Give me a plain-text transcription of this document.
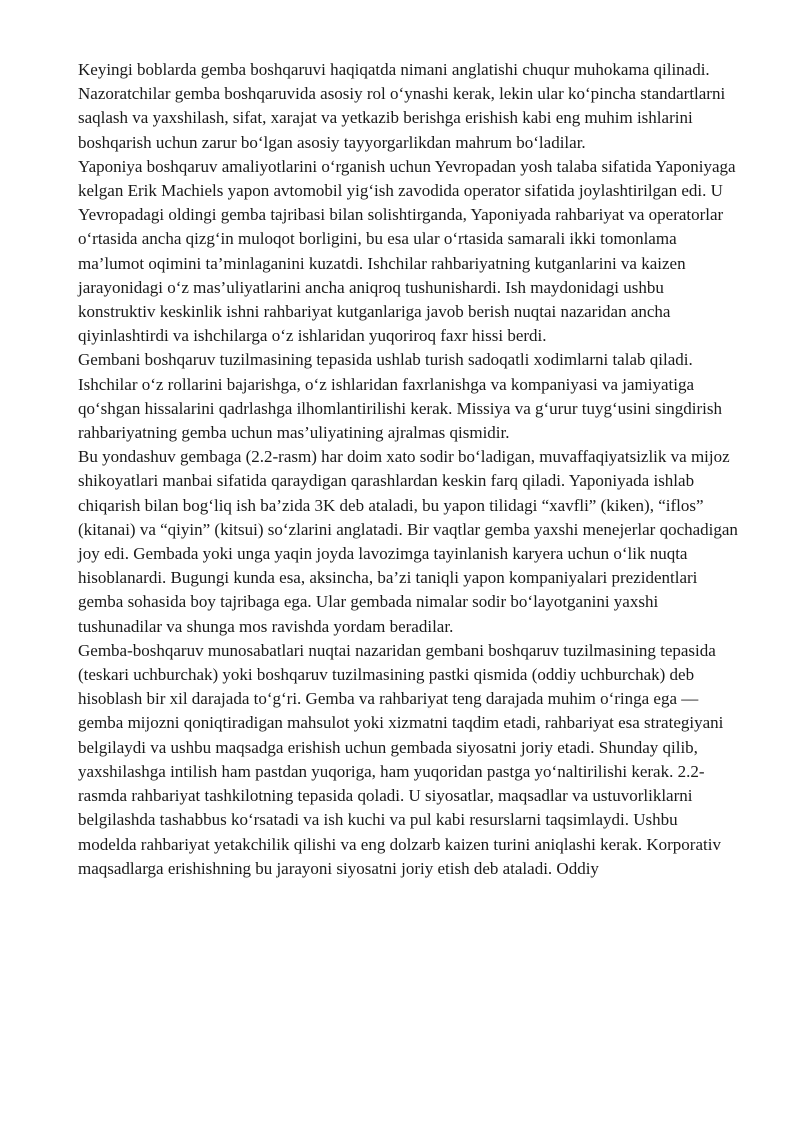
Keyingi boblarda gemba boshqaruvi haqiqatda nimani anglatishi chuqur muhokama qilinadi. Nazoratchilar gemba boshqaruvida asosiy rol o‘ynashi kerak, lekin ular ko‘pincha standartlarni saqlash va yaxshilash, sifat, xarajat va yetkazib berishga erishish kabi eng muhim ishlarini boshqarish uchun zarur bo‘lgan asosiy tayyorgarlikdan mahrum bo‘ladilar.

Yaponiya boshqaruv amaliyotlarini o‘rganish uchun Yevropadan yosh talaba sifatida Yaponiyaga kelgan Erik Machiels yapon avtomobil yig‘ish zavodida operator sifatida joylashtirilgan edi. U Yevropadagi oldingi gemba tajribasi bilan solishtirganda, Yaponiyada rahbariyat va operatorlar o‘rtasida ancha qizg‘in muloqot borligini, bu esa ular o‘rtasida samarali ikki tomonlama ma’lumot oqimini ta’minlaganini kuzatdi. Ishchilar rahbariyatning kutganlarini va kaizen jarayonidagi o‘z mas’uliyatlarini ancha aniqroq tushunishardi. Ish maydonidagi ushbu konstruktiv keskinlik ishni rahbariyat kutganlariga javob berish nuqtai nazaridan ancha qiyinlashtirdi va ishchilarga o‘z ishlaridan yuqoriroq faxr hissi berdi.

Gembani boshqaruv tuzilmasining tepasida ushlab turish sadoqatli xodimlarni talab qiladi. Ishchilar o‘z rollarini bajarishga, o‘z ishlaridan faxrlanishga va kompaniyasi va jamiyatiga qo‘shgan hissalarini qadrlashga ilhomlantirilishi kerak. Missiya va g‘urur tuyg‘usini singdirish rahbariyatning gemba uchun mas’uliyatining ajralmas qismidir.

Bu yondashuv gembaga (2.2-rasm) har doim xato sodir bo‘ladigan, muvaffaqiyatsizlik va mijoz shikoyatlari manbai sifatida qaraydigan qarashlardan keskin farq qiladi. Yaponiyada ishlab chiqarish bilan bog‘liq ish ba’zida 3K deb ataladi, bu yapon tilidagi “xavfli” (kiken), “iflos” (kitanai) va “qiyin” (kitsui) so‘zlarini anglatadi. Bir vaqtlar gemba yaxshi menejerlar qochadigan joy edi. Gembada yoki unga yaqin joyda lavozimga tayinlanish karyera uchun o‘lik nuqta hisoblanardi. Bugungi kunda esa, aksincha, ba’zi taniqli yapon kompaniyalari prezidentlari gemba sohasida boy tajribaga ega. Ular gembada nimalar sodir bo‘layotganini yaxshi tushunadilar va shunga mos ravishda yordam beradilar.

Gemba-boshqaruv munosabatlari nuqtai nazaridan gembani boshqaruv tuzilmasining tepasida (teskari uchburchak) yoki boshqaruv tuzilmasining pastki qismida (oddiy uchburchak) deb hisoblash bir xil darajada to‘g‘ri. Gemba va rahbariyat teng darajada muhim o‘ringa ega — gemba mijozni qoniqtiradigan mahsulot yoki xizmatni taqdim etadi, rahbariyat esa strategiyani belgilaydi va ushbu maqsadga erishish uchun gembada siyosatni joriy etadi. Shunday qilib, yaxshilashga intilish ham pastdan yuqoriga, ham yuqoridan pastga yo‘naltirilishi kerak. 2.2-rasmda rahbariyat tashkilotning tepasida qoladi. U siyosatlar, maqsadlar va ustuvorliklarni belgilashda tashabbus ko‘rsatadi va ish kuchi va pul kabi resurslarni taqsimlaydi. Ushbu modelda rahbariyat yetakchilik qilishi va eng dolzarb kaizen turini aniqlashi kerak. Korporativ maqsadlarga erishishning bu jarayoni siyosatni joriy etish deb ataladi. Oddiy
